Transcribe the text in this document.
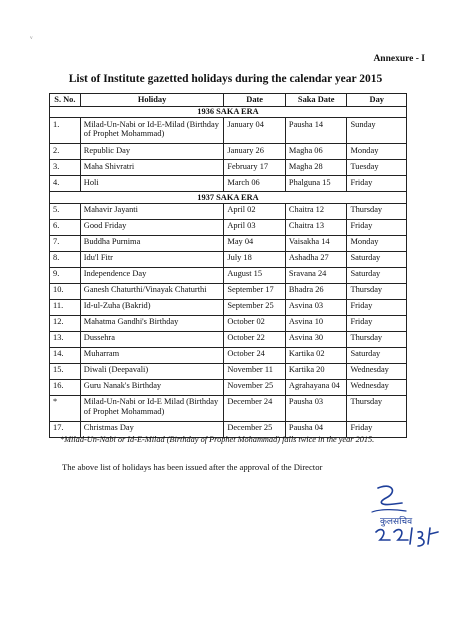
ᵥ
Annexure - I
List of Institute gazetted holidays during the calendar year 2015
S. No.	Holiday	Date	Saka Date	Day
1936 SAKA ERA				
1.	Milad-Un-Nabi or Id-E-Milad (Birthday of Prophet Mohammad)	January 04	Pausha 14	Sunday
2.	Republic Day	January 26	Magha 06	Monday
3.	Maha Shivratri	February 17	Magha 28	Tuesday
4.	Holi	March 06	Phalguna 15	Friday
1937 SAKA ERA				
5.	Mahavir Jayanti	April 02	Chaitra 12	Thursday
6.	Good Friday	April 03	Chaitra 13	Friday
7.	Buddha Purnima	May 04	Vaisakha 14	Monday
8.	Idu'l Fitr	July 18	Ashadha 27	Saturday
9.	Independence Day	August 15	Sravana 24	Saturday
10.	Ganesh Chaturthi/Vinayak Chaturthi	September 17	Bhadra 26	Thursday
11.	Id-ul-Zuha (Bakrid)	September 25	Asvina 03	Friday
12.	Mahatma Gandhi's Birthday	October 02	Asvina 10	Friday
13.	Dussehra	October 22	Asvina 30	Thursday
14.	Muharram	October 24	Kartika 02	Saturday
15.	Diwali (Deepavali)	November 11	Kartika 20	Wednesday
16.	Guru Nanak's Birthday	November 25	Agrahayana 04	Wednesday
*	Milad-Un-Nabi or Id-E Milad (Birthday of Prophet Mohammad)	December 24	Pausha 03	Thursday
17.	Christmas Day	December 25	Pausha 04	Friday
*Milad-Un-Nabi or Id-E-Milad (Birthday of Prophet Mohammad) falls twice in the year 2015.
The above list of holidays has been issued after the approval of the Director
कुलसचिव
